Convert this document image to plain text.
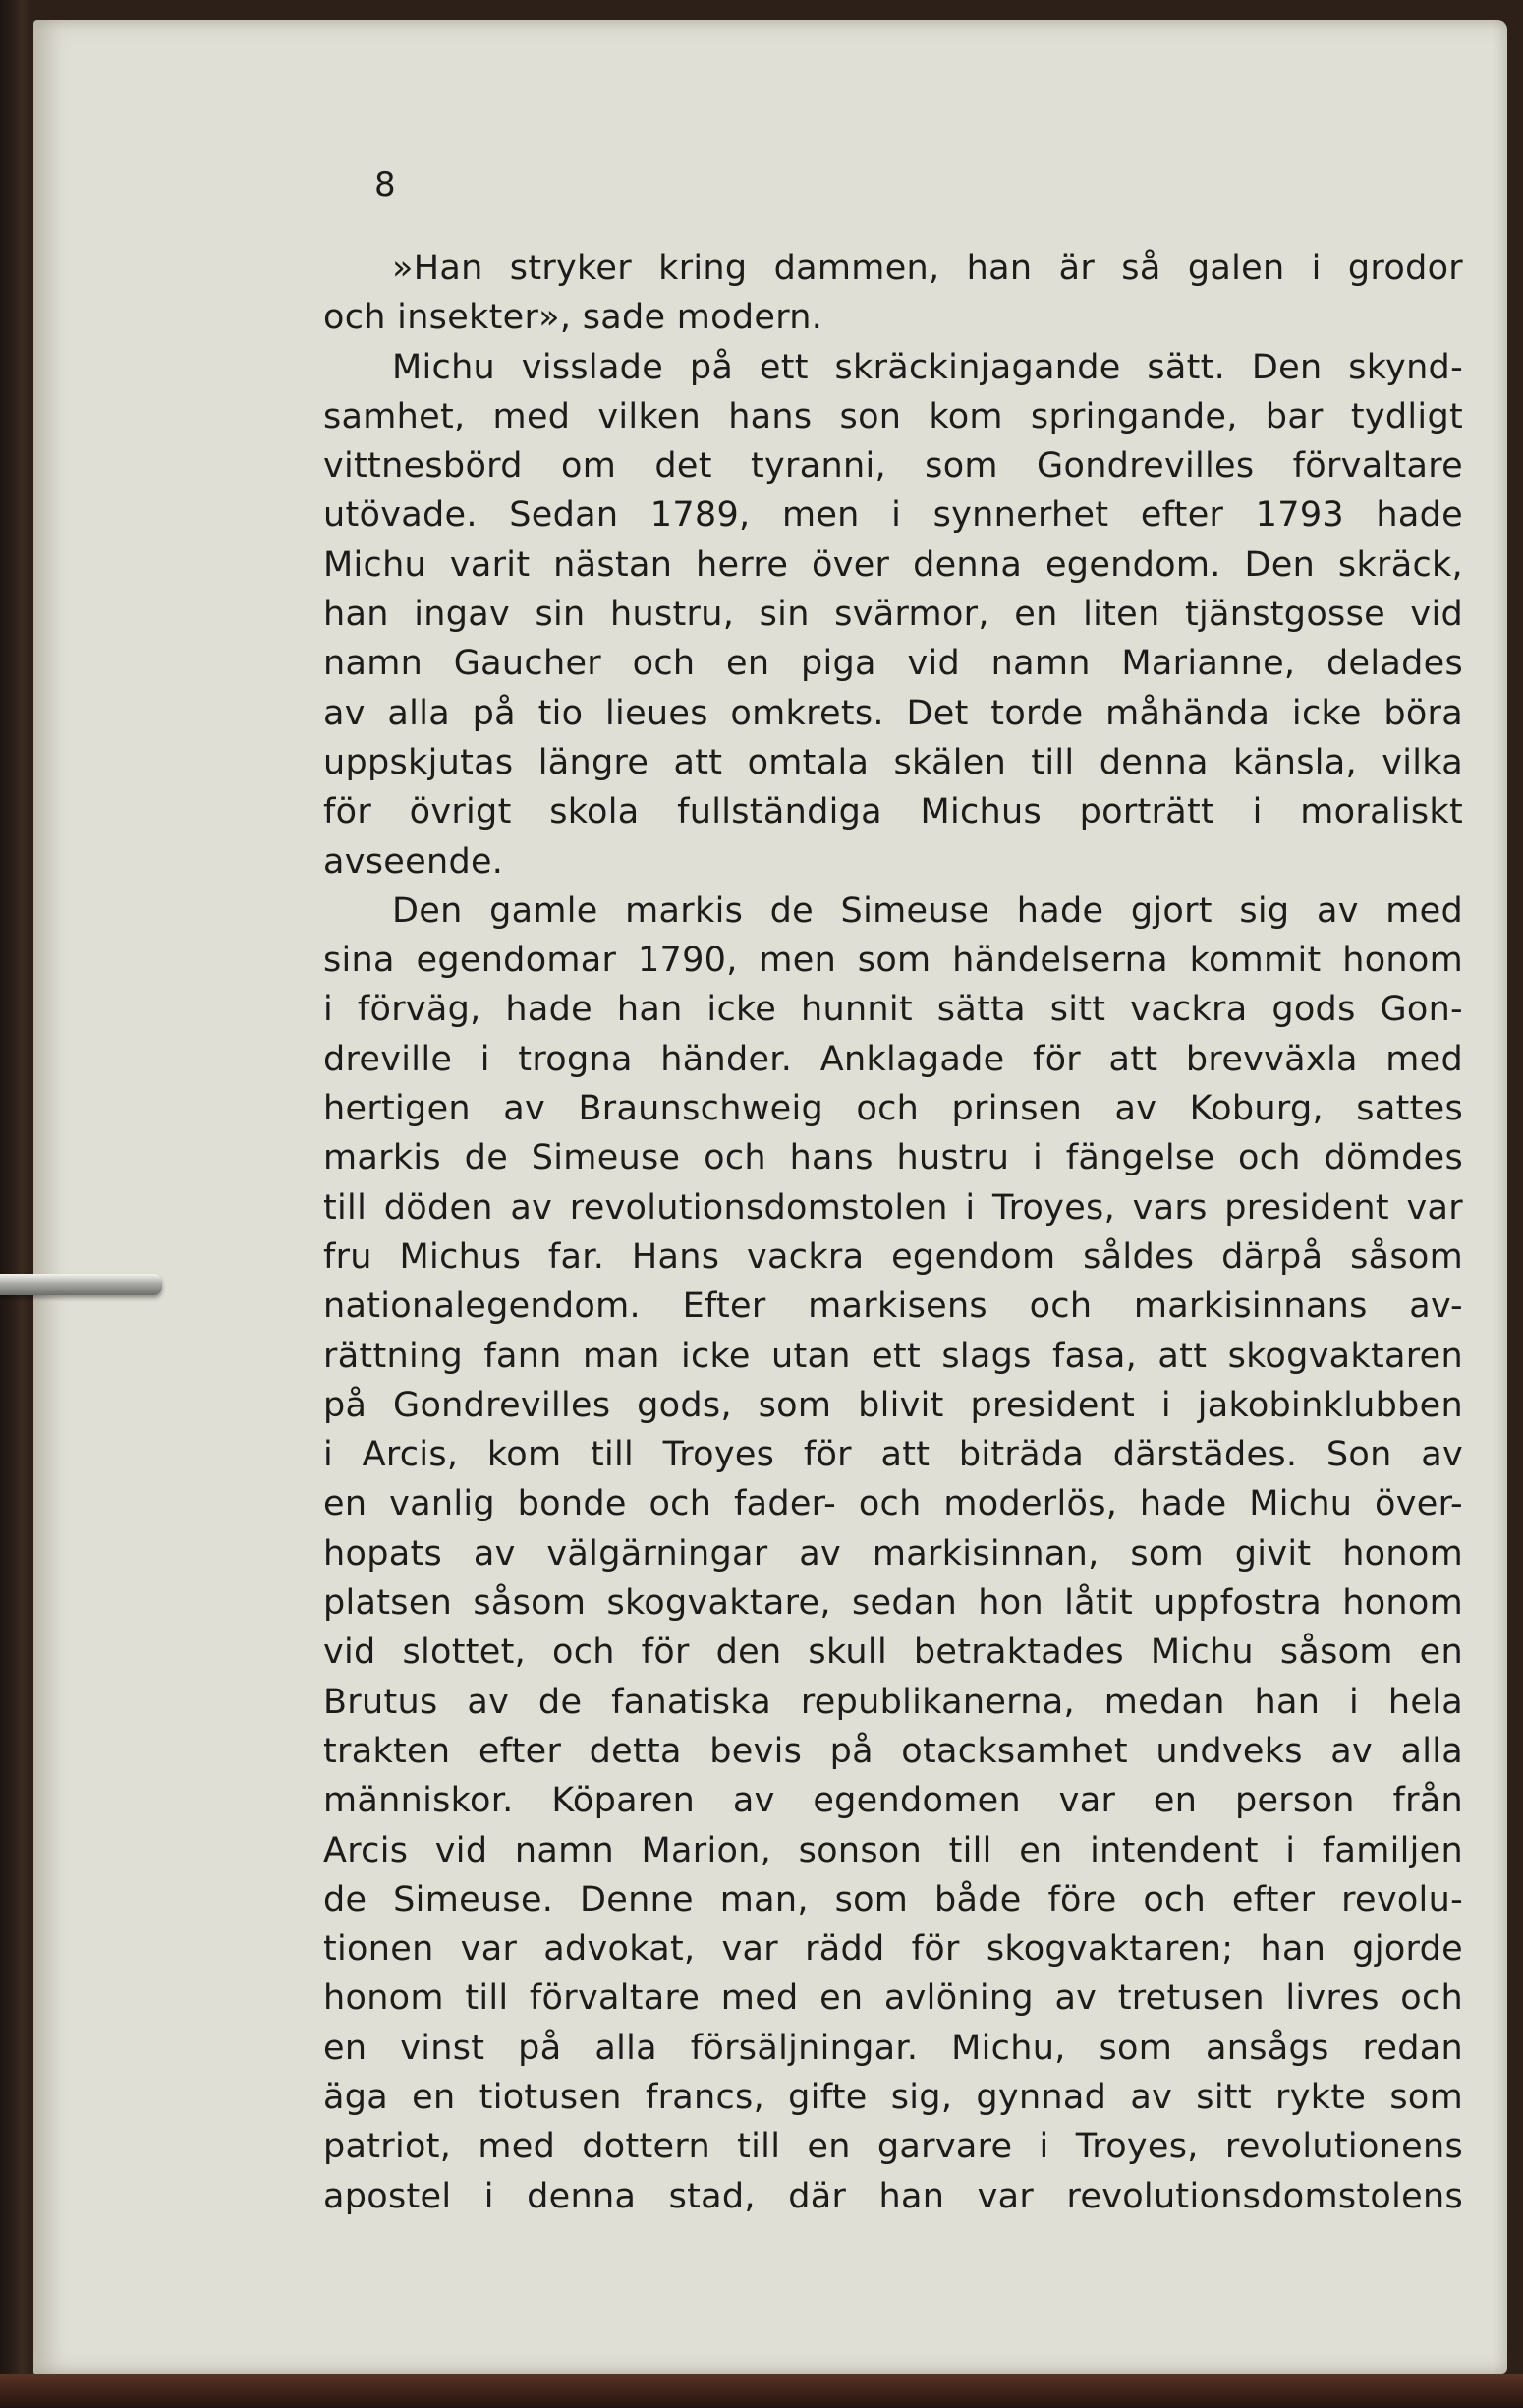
8
»Han stryker kring dammen, han är så galen i grodor
och insekter», sade modern.
Michu visslade på ett skräckinjagande sätt. Den skynd-
samhet, med vilken hans son kom springande, bar tydligt
vittnesbörd om det tyranni, som Gondrevilles förvaltare
utövade. Sedan 1789, men i synnerhet efter 1793 hade
Michu varit nästan herre över denna egendom. Den skräck,
han ingav sin hustru, sin svärmor, en liten tjänstgosse vid
namn Gaucher och en piga vid namn Marianne, delades
av alla på tio lieues omkrets. Det torde måhända icke böra
uppskjutas längre att omtala skälen till denna känsla, vilka
för övrigt skola fullständiga Michus porträtt i moraliskt
avseende.
Den gamle markis de Simeuse hade gjort sig av med
sina egendomar 1790, men som händelserna kommit honom
i förväg, hade han icke hunnit sätta sitt vackra gods Gon-
dreville i trogna händer. Anklagade för att brevväxla med
hertigen av Braunschweig och prinsen av Koburg, sattes
markis de Simeuse och hans hustru i fängelse och dömdes
till döden av revolutionsdomstolen i Troyes, vars president var
fru Michus far. Hans vackra egendom såldes därpå såsom
nationalegendom. Efter markisens och markisinnans av-
rättning fann man icke utan ett slags fasa, att skogvaktaren
på Gondrevilles gods, som blivit president i jakobinklubben
i Arcis, kom till Troyes för att biträda därstädes. Son av
en vanlig bonde och fader- och moderlös, hade Michu över-
hopats av välgärningar av markisinnan, som givit honom
platsen såsom skogvaktare, sedan hon låtit uppfostra honom
vid slottet, och för den skull betraktades Michu såsom en
Brutus av de fanatiska republikanerna, medan han i hela
trakten efter detta bevis på otacksamhet undveks av alla
människor. Köparen av egendomen var en person från
Arcis vid namn Marion, sonson till en intendent i familjen
de Simeuse. Denne man, som både före och efter revolu-
tionen var advokat, var rädd för skogvaktaren; han gjorde
honom till förvaltare med en avlöning av tretusen livres och
en vinst på alla försäljningar. Michu, som ansågs redan
äga en tiotusen francs, gifte sig, gynnad av sitt rykte som
patriot, med dottern till en garvare i Troyes, revolutionens
apostel i denna stad, där han var revolutionsdomstolens
